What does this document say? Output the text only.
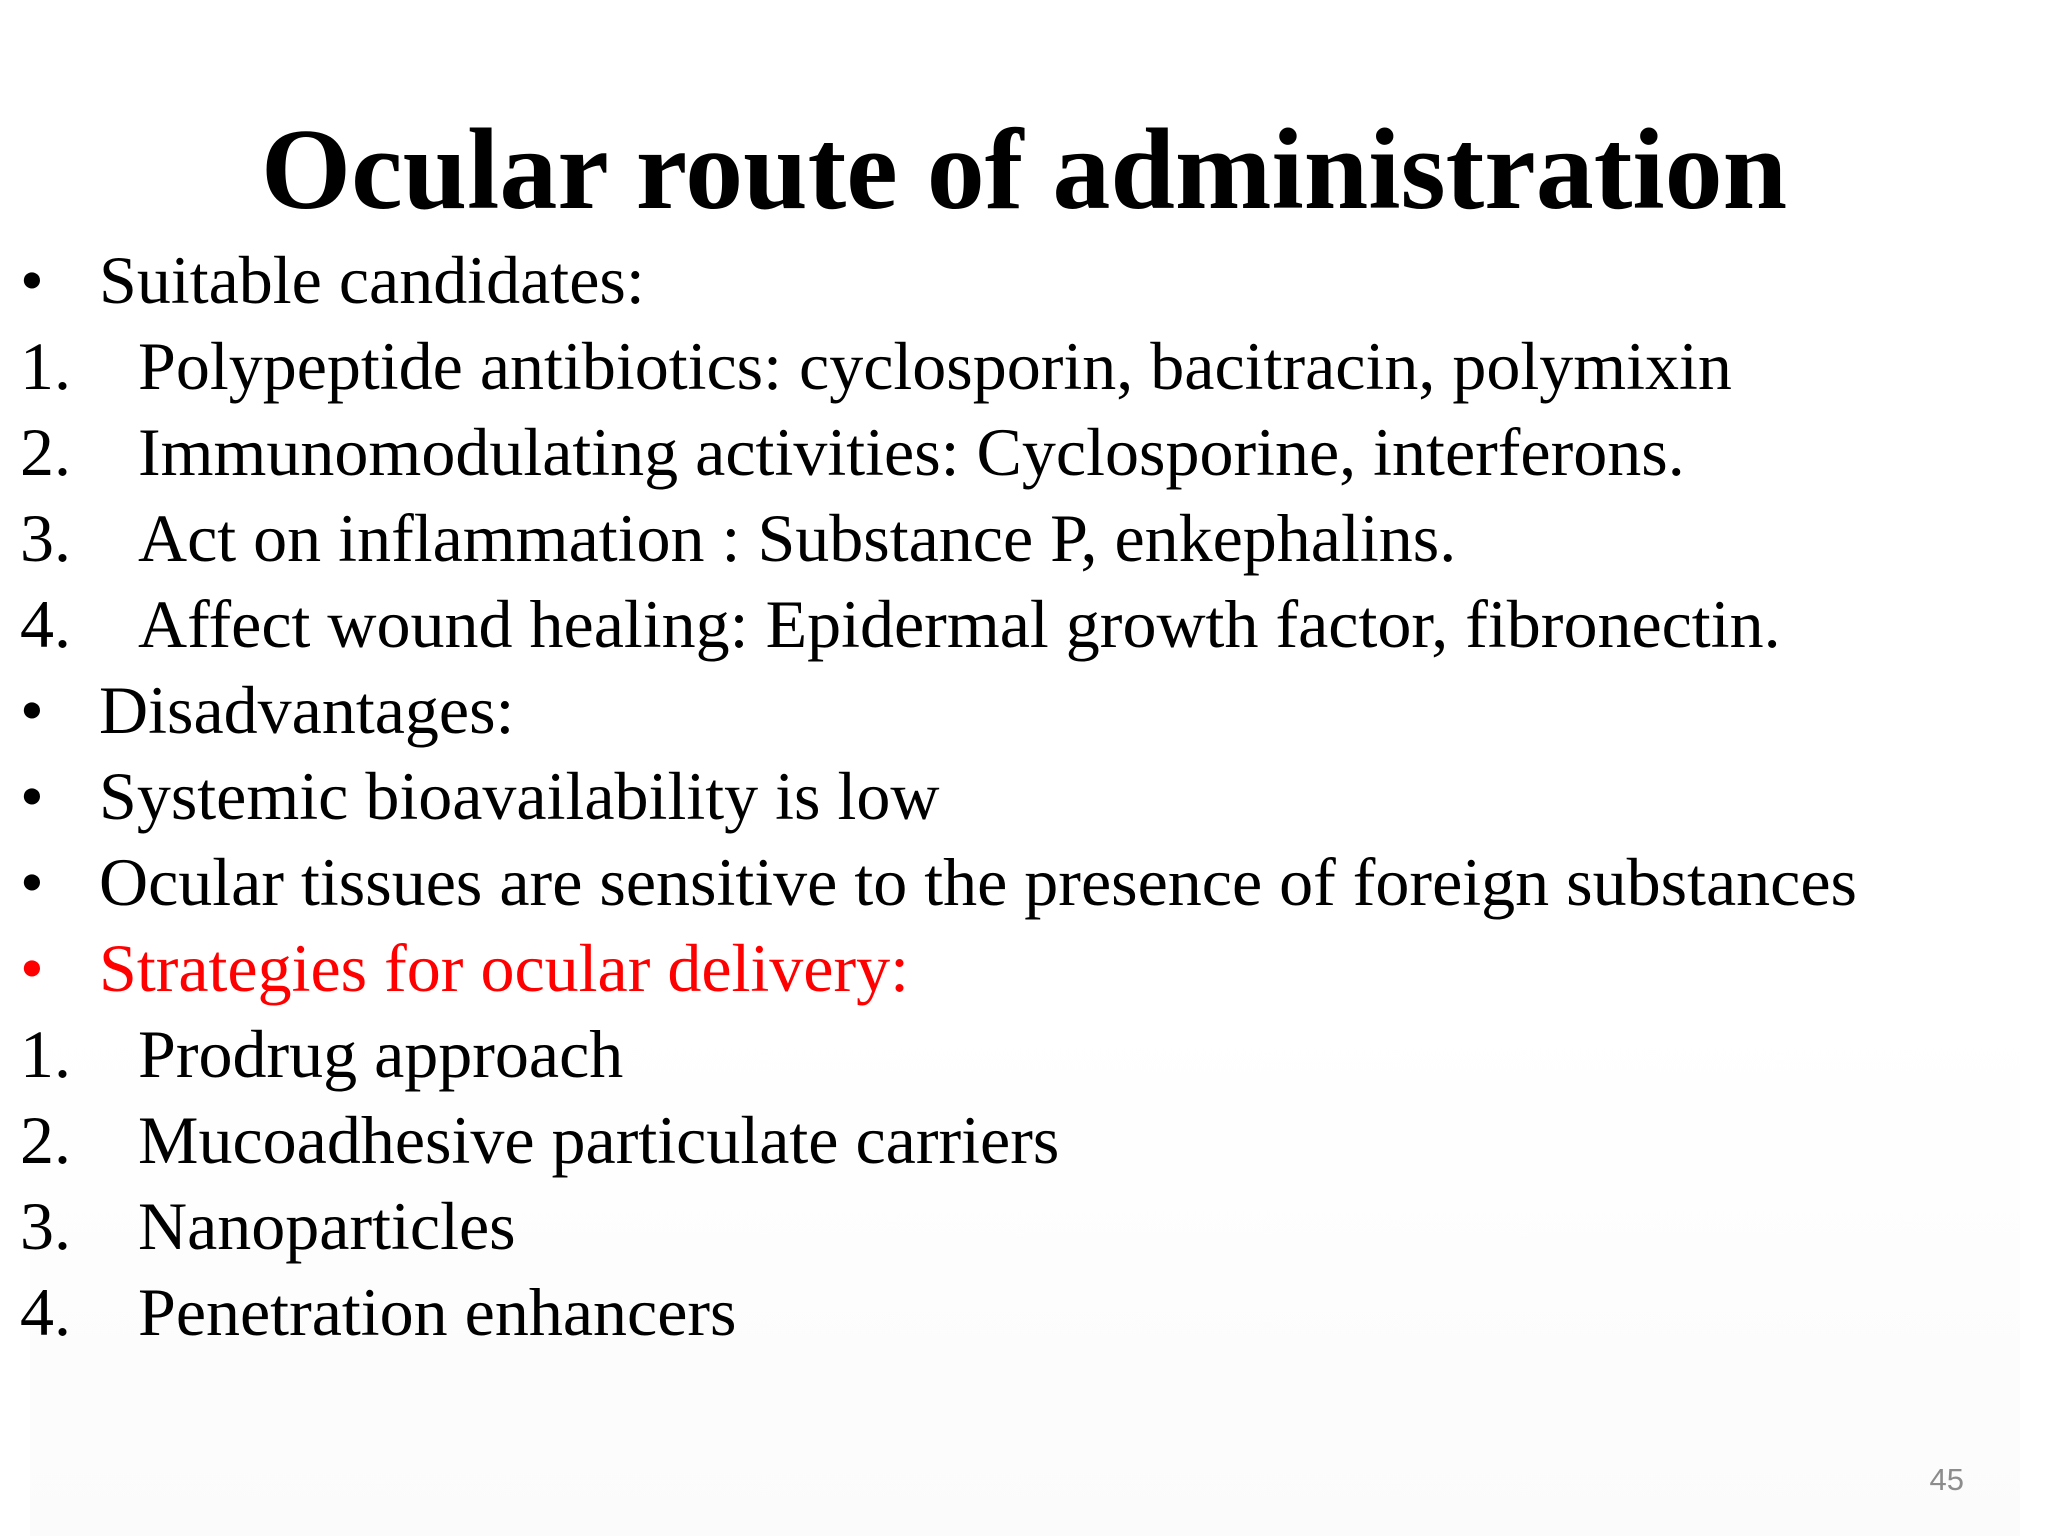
Ocular route of administration
• Suitable candidates:
1. Polypeptide antibiotics: cyclosporin, bacitracin, polymixin
2. Immunomodulating activities: Cyclosporine, interferons.
3. Act on inflammation : Substance P, enkephalins.
4. Affect wound healing: Epidermal growth factor, fibronectin.
• Disadvantages:
• Systemic bioavailability is low
• Ocular tissues are sensitive to the presence of foreign substances
• Strategies for ocular delivery:
1. Prodrug approach
2. Mucoadhesive particulate carriers
3. Nanoparticles
4. Penetration enhancers
45
